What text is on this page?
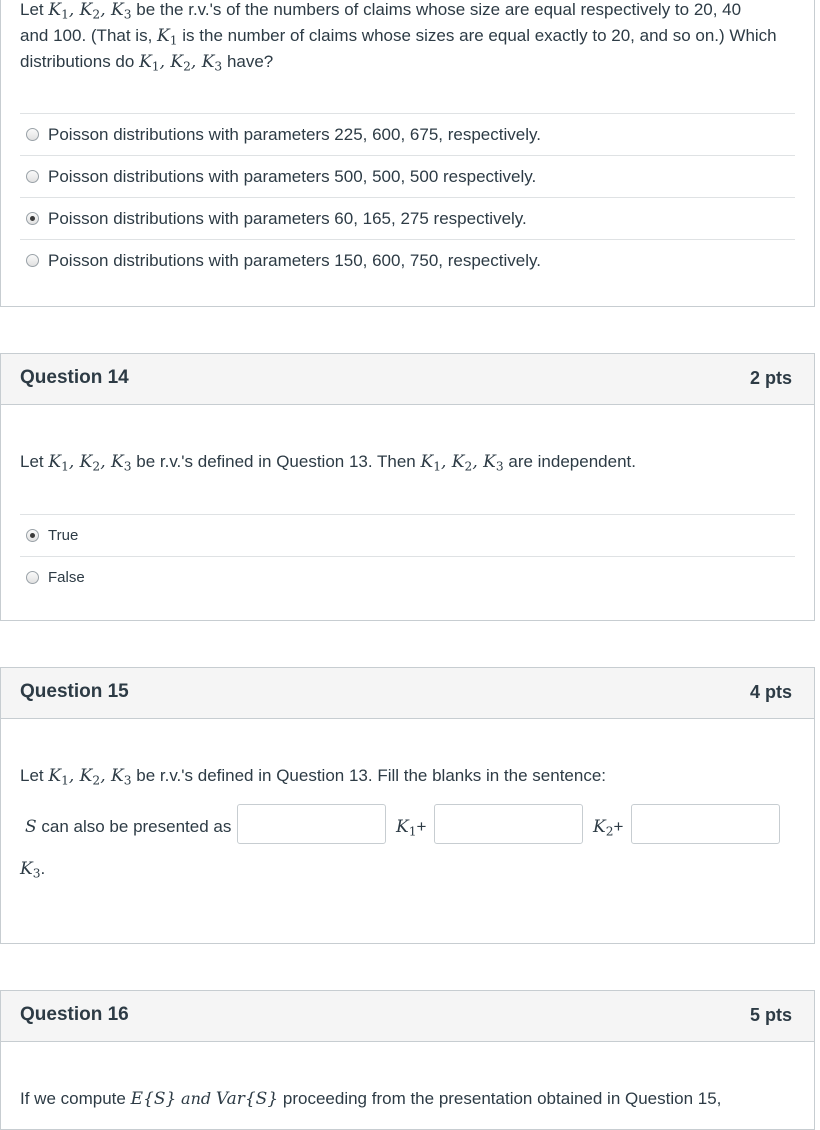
Let $K_1$, $K_2$, $K_3$ be the r.v.'s of the numbers of claims whose size are equal respectively to 20, 40
and 100. (That is, $K_1$ is the number of claims whose sizes are equal exactly to 20, and so on.) Which
distributions do $K_1$, $K_2$, $K_3$ have?
Poisson distributions with parameters 225, 600, 675, respectively.
Poisson distributions with parameters 500, 500, 500 respectively.
Poisson distributions with parameters 60, 165, 275 respectively.
Poisson distributions with parameters 150, 600, 750, respectively.
Question 14	2 pts
Let $K_1$, $K_2$, $K_3$ be r.v.'s defined in Question 13. Then $K_1$, $K_2$, $K_3$ are independent.
True
False
Question 15	4 pts
Let $K_1$, $K_2$, $K_3$ be r.v.'s defined in Question 13. Fill the blanks in the sentence:
S can also be presented as	$K_1+$	$K_2+$
$K_3$.
Question 16	5 pts
If we compute E{S} and Var{S} proceeding from the presentation obtained in Question 15,
